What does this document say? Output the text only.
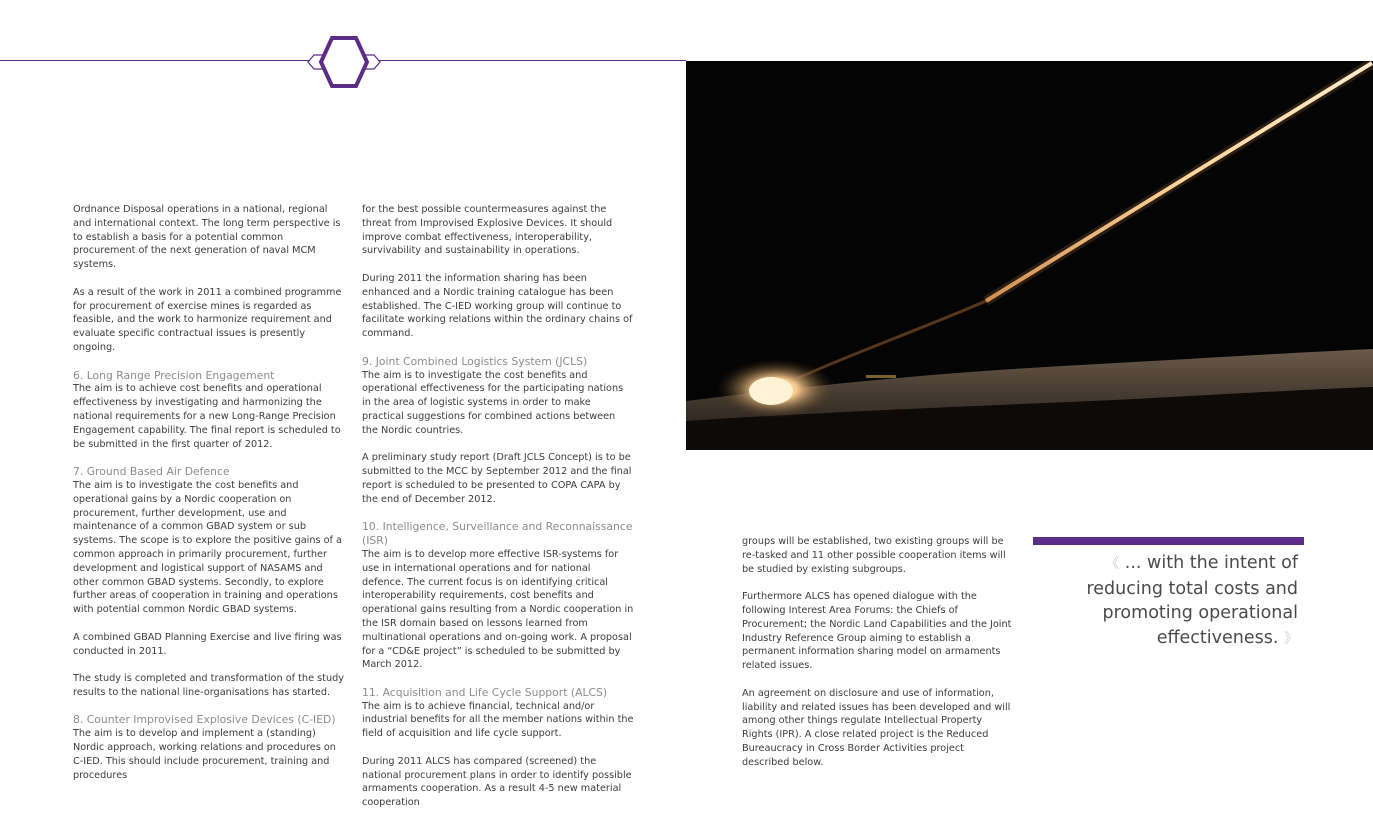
Ordnance Disposal operations in a national, regional and international context. The long term perspective is to establish a basis for a potential common procurement of the next generation of naval MCM systems.

As a result of the work in 2011 a combined programme for procurement of exercise mines is regarded as feasible, and the work to harmonize requirement and evaluate specific contractual issues is presently ongoing.

6. Long Range Precision Engagement

The aim is to achieve cost benefits and operational effectiveness by investigating and harmonizing the national requirements for a new Long-Range Precision Engagement capability. The final report is scheduled to be submitted in the first quarter of 2012.

7. Ground Based Air Defence

The aim is to investigate the cost benefits and operational gains by a Nordic cooperation on procurement, further development, use and maintenance of a common GBAD system or sub systems. The scope is to explore the positive gains of a common approach in primarily procurement, further development and logistical support of NASAMS and other common GBAD systems. Secondly, to explore further areas of cooperation in training and operations with potential common Nordic GBAD systems.

A combined GBAD Planning Exercise and live firing was conducted in 2011.

The study is completed and transformation of the study results to the national line-organisations has started.

8. Counter Improvised Explosive Devices (C-IED)

The aim is to develop and implement a (standing) Nordic approach, working relations and procedures on C-IED. This should include procurement, training and procedures

for the best possible countermeasures against the threat from Improvised Explosive Devices. It should improve combat effectiveness, interoperability, survivability and sustainability in operations.

During 2011 the information sharing has been enhanced and a Nordic training catalogue has been established. The C-IED working group will continue to facilitate working relations within the ordinary chains of command.

9. Joint Combined Logistics System (JCLS)

The aim is to investigate the cost benefits and operational effectiveness for the participating nations in the area of logistic systems in order to make practical suggestions for combined actions between the Nordic countries.

A preliminary study report (Draft JCLS Concept) is to be submitted to the MCC by September 2012 and the final report is scheduled to be presented to COPA CAPA by the end of December 2012.

10. Intelligence, Surveillance and Reconnaissance (ISR)

The aim is to develop more effective ISR-systems for use in international operations and for national defence. The current focus is on identifying critical interoperability requirements, cost benefits and operational gains resulting from a Nordic cooperation in the ISR domain based on lessons learned from multinational operations and on-going work. A proposal for a “CD&E project” is scheduled to be submitted by March 2012.

11. Acquisition and Life Cycle Support (ALCS)

The aim is to achieve financial, technical and/or industrial benefits for all the member nations within the field of acquisition and life cycle support.

During 2011 ALCS has compared (screened) the national procurement plans in order to identify possible armaments cooperation. As a result 4-5 new material cooperation

groups will be established, two existing groups will be re-tasked and 11 other possible cooperation items will be studied by existing subgroups.

Furthermore ALCS has opened dialogue with the following Interest Area Forums: the Chiefs of Procurement; the Nordic Land Capabilities and the Joint Industry Reference Group aiming to establish a permanent information sharing model on armaments related issues.

An agreement on disclosure and use of information, liability and related issues has been developed and will among other things regulate Intellectual Property Rights (IPR). A close related project is the Reduced Bureaucracy in Cross Border Activities project described below.

《 ... with the intent of reducing total costs and promoting operational effectiveness. 》
